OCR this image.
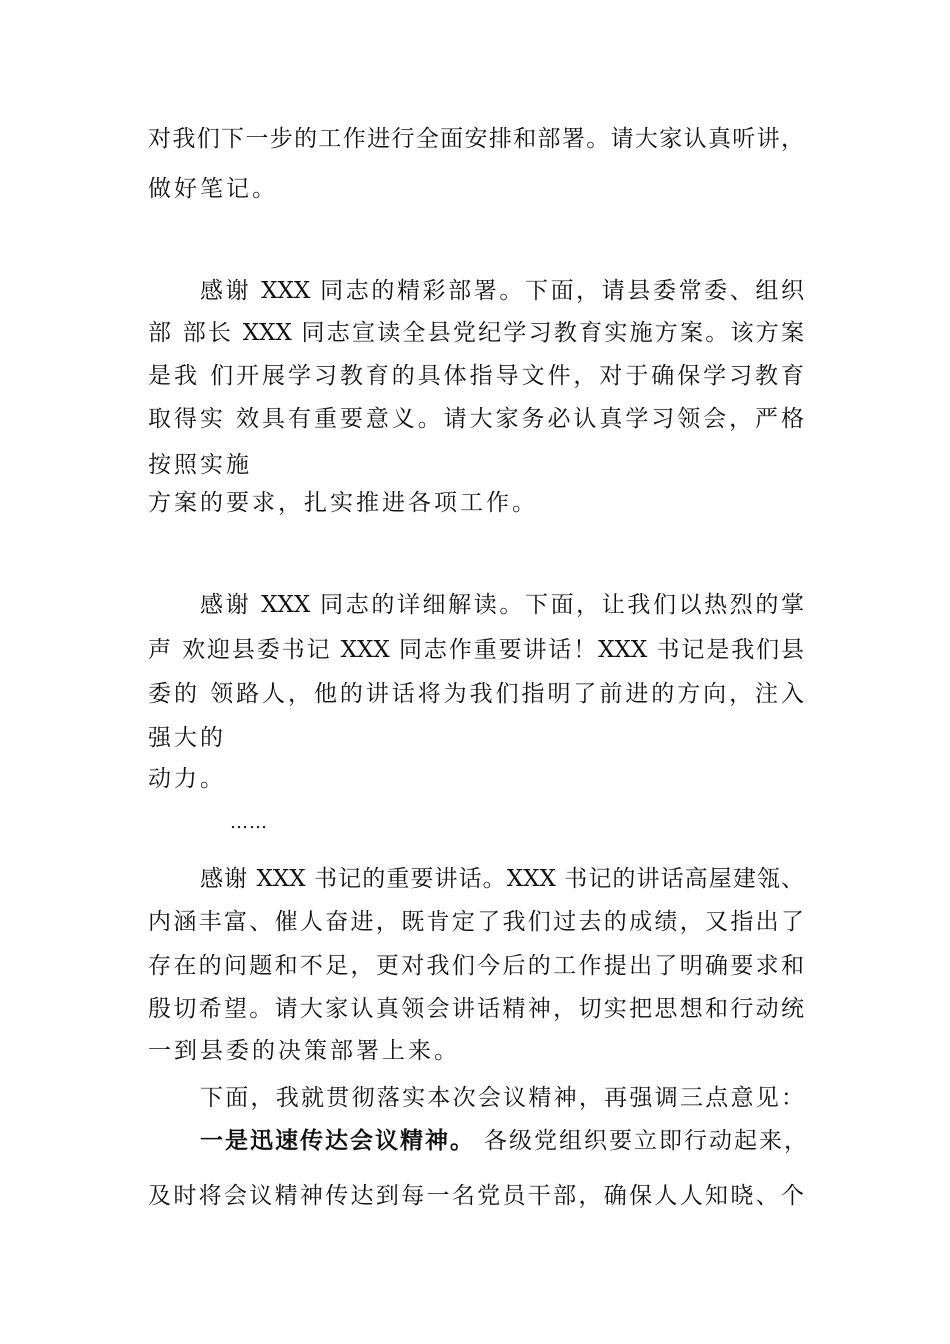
对我们下一步的工作进行全面安排和部署。请大家认真听讲，
做好笔记。
感谢 XXX 同志的精彩部署。下面，请县委常委、组织
部 部长 XXX 同志宣读全县党纪学习教育实施方案。该方案
是我 们开展学习教育的具体指导文件，对于确保学习教育
取得实 效具有重要意义。请大家务必认真学习领会，严格
按照实施
方案的要求，扎实推进各项工作。
感谢 XXX 同志的详细解读。下面，让我们以热烈的掌
声 欢迎县委书记 XXX 同志作重要讲话！XXX 书记是我们县
委的 领路人，他的讲话将为我们指明了前进的方向，注入
强大的
动力。
……
感谢 XXX 书记的重要讲话。XXX 书记的讲话高屋建瓴、
内涵丰富、催人奋进，既肯定了我们过去的成绩，又指出了
存在的问题和不足，更对我们今后的工作提出了明确要求和
殷切希望。请大家认真领会讲话精神，切实把思想和行动统
一到县委的决策部署上来。
下面，我就贯彻落实本次会议精神，再强调三点意见：
一是迅速传达会议精神。 各级党组织要立即行动起来，
及时将会议精神传达到每一名党员干部，确保人人知晓、个
